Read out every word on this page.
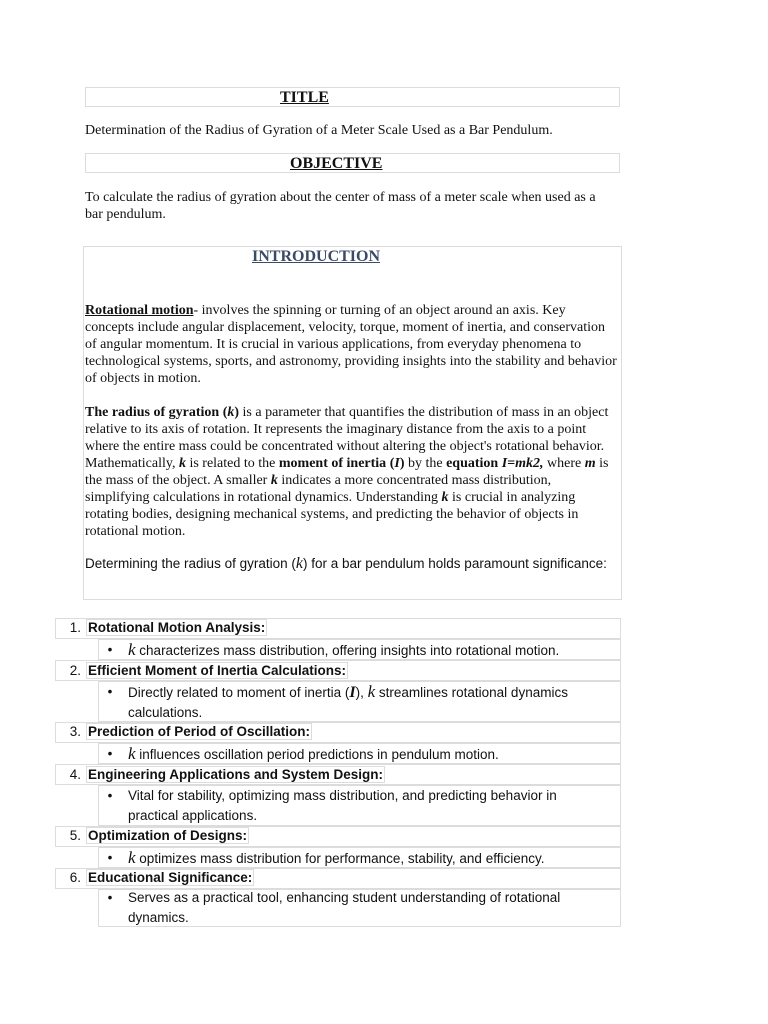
TITLE
Determination of the Radius of Gyration of a Meter Scale Used as a Bar Pendulum.
OBJECTIVE
To calculate the radius of gyration about the center of mass of a meter scale when used as a bar pendulum.
INTRODUCTION

Rotational motion- involves the spinning or turning of an object around an axis. Key concepts include angular displacement, velocity, torque, moment of inertia, and conservation of angular momentum. It is crucial in various applications, from everyday phenomena to technological systems, sports, and astronomy, providing insights into the stability and behavior of objects in motion.

The radius of gyration (k) is a parameter that quantifies the distribution of mass in an object relative to its axis of rotation. It represents the imaginary distance from the axis to a point where the entire mass could be concentrated without altering the object's rotational behavior. Mathematically, k is related to the moment of inertia (I) by the equation I=mk2, where m is the mass of the object. A smaller k indicates a more concentrated mass distribution, simplifying calculations in rotational dynamics. Understanding k is crucial in analyzing rotating bodies, designing mechanical systems, and predicting the behavior of objects in rotational motion.

Determining the radius of gyration (k) for a bar pendulum holds paramount significance:

1. Rotational Motion Analysis:
• k characterizes mass distribution, offering insights into rotational motion.
2. Efficient Moment of Inertia Calculations:
• Directly related to moment of inertia (I), k streamlines rotational dynamics calculations.
3. Prediction of Period of Oscillation:
• k influences oscillation period predictions in pendulum motion.
4. Engineering Applications and System Design:
• Vital for stability, optimizing mass distribution, and predicting behavior in practical applications.
5. Optimization of Designs:
• k optimizes mass distribution for performance, stability, and efficiency.
6. Educational Significance:
• Serves as a practical tool, enhancing student understanding of rotational dynamics.
